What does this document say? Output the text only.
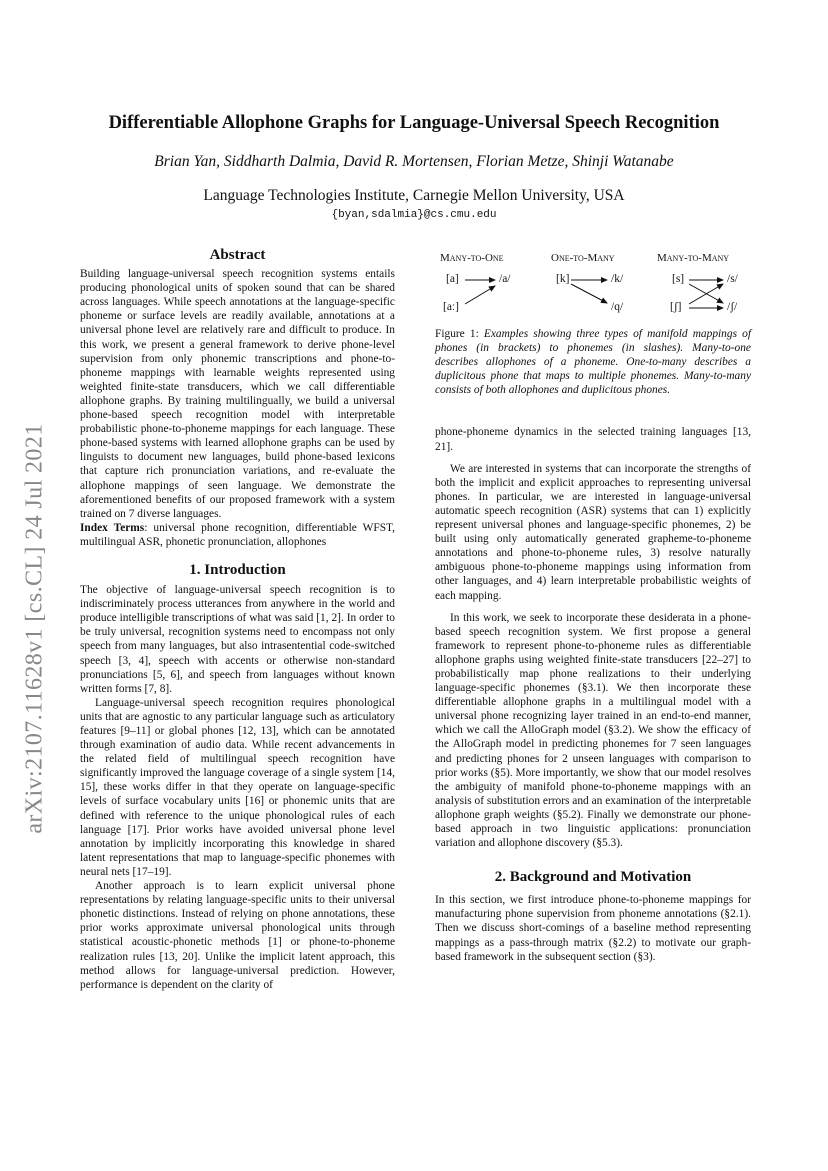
arXiv:2107.11628v1 [cs.CL] 24 Jul 2021
Differentiable Allophone Graphs for Language-Universal Speech Recognition
Brian Yan, Siddharth Dalmia, David R. Mortensen, Florian Metze, Shinji Watanabe
Language Technologies Institute, Carnegie Mellon University, USA
{byan,sdalmia}@cs.cmu.edu
Abstract

Building language-universal speech recognition systems entails producing phonological units of spoken sound that can be shared across languages. While speech annotations at the language-specific phoneme or surface levels are readily available, annotations at a universal phone level are relatively rare and difficult to produce. In this work, we present a general framework to derive phone-level supervision from only phonemic transcriptions and phone-to-phoneme mappings with learnable weights represented using weighted finite-state transducers, which we call differentiable allophone graphs. By training multilingually, we build a universal phone-based speech recognition model with interpretable probabilistic phone-to-phoneme mappings for each language. These phone-based systems with learned allophone graphs can be used by linguists to document new languages, build phone-based lexicons that capture rich pronunciation variations, and re-evaluate the allophone mappings of seen language. We demonstrate the aforementioned benefits of our proposed framework with a system trained on 7 diverse languages.

Index Terms: universal phone recognition, differentiable WFST, multilingual ASR, phonetic pronunciation, allophones

1. Introduction

The objective of language-universal speech recognition is to indiscriminately process utterances from anywhere in the world and produce intelligible transcriptions of what was said [1, 2]. In order to be truly universal, recognition systems need to encompass not only speech from many languages, but also intrasentential code-switched speech [3, 4], speech with accents or otherwise non-standard pronunciations [5, 6], and speech from languages without known written forms [7, 8].

Language-universal speech recognition requires phonological units that are agnostic to any particular language such as articulatory features [9–11] or global phones [12, 13], which can be annotated through examination of audio data. While recent advancements in the related field of multilingual speech recognition have significantly improved the language coverage of a single system [14, 15], these works differ in that they operate on language-specific levels of surface vocabulary units [16] or phonemic units that are defined with reference to the unique phonological rules of each language [17]. Prior works have avoided universal phone level annotation by implicitly incorporating this knowledge in shared latent representations that map to language-specific phonemes with neural nets [17–19].

Another approach is to learn explicit universal phone representations by relating language-specific units to their universal phonetic distinctions. Instead of relying on phone annotations, these prior works approximate universal phonological units through statistical acoustic-phonetic methods [1] or phone-to-phoneme realization rules [13, 20]. Unlike the implicit latent approach, this method allows for language-universal prediction. However, performance is dependent on the clarity of

Many-to-One	One-to-Many	Many-to-Many
[a]
[aː]
/a/	[k]	/k/
/q/
[s]
[ʃ]
/s/
/ʃ/

Figure 1: Examples showing three types of manifold mappings of phones (in brackets) to phonemes (in slashes). Many-to-one describes allophones of a phoneme. One-to-many describes a duplicitous phone that maps to multiple phonemes. Many-to-many consists of both allophones and duplicitous phones.

phone-phoneme dynamics in the selected training languages [13, 21].

We are interested in systems that can incorporate the strengths of both the implicit and explicit approaches to representing universal phones. In particular, we are interested in language-universal automatic speech recognition (ASR) systems that can 1) explicitly represent universal phones and language-specific phonemes, 2) be built using only automatically generated grapheme-to-phoneme annotations and phone-to-phoneme rules, 3) resolve naturally ambiguous phone-to-phoneme mappings using information from other languages, and 4) learn interpretable probabilistic weights of each mapping.

In this work, we seek to incorporate these desiderata in a phone-based speech recognition system. We first propose a general framework to represent phone-to-phoneme rules as differentiable allophone graphs using weighted finite-state transducers [22–27] to probabilistically map phone realizations to their underlying language-specific phonemes (§3.1). We then incorporate these differentiable allophone graphs in a multilingual model with a universal phone recognizing layer trained in an end-to-end manner, which we call the AlloGraph model (§3.2). We show the efficacy of the AlloGraph model in predicting phonemes for 7 seen languages and predicting phones for 2 unseen languages with comparison to prior works (§5). More importantly, we show that our model resolves the ambiguity of manifold phone-to-phoneme mappings with an analysis of substitution errors and an examination of the interpretable allophone graph weights (§5.2). Finally we demonstrate our phone-based approach in two linguistic applications: pronunciation variation and allophone discovery (§5.3).

2. Background and Motivation

In this section, we first introduce phone-to-phoneme mappings for manufacturing phone supervision from phoneme annotations (§2.1). Then we discuss short-comings of a baseline method representing mappings as a pass-through matrix (§2.2) to motivate our graph-based framework in the subsequent section (§3).
